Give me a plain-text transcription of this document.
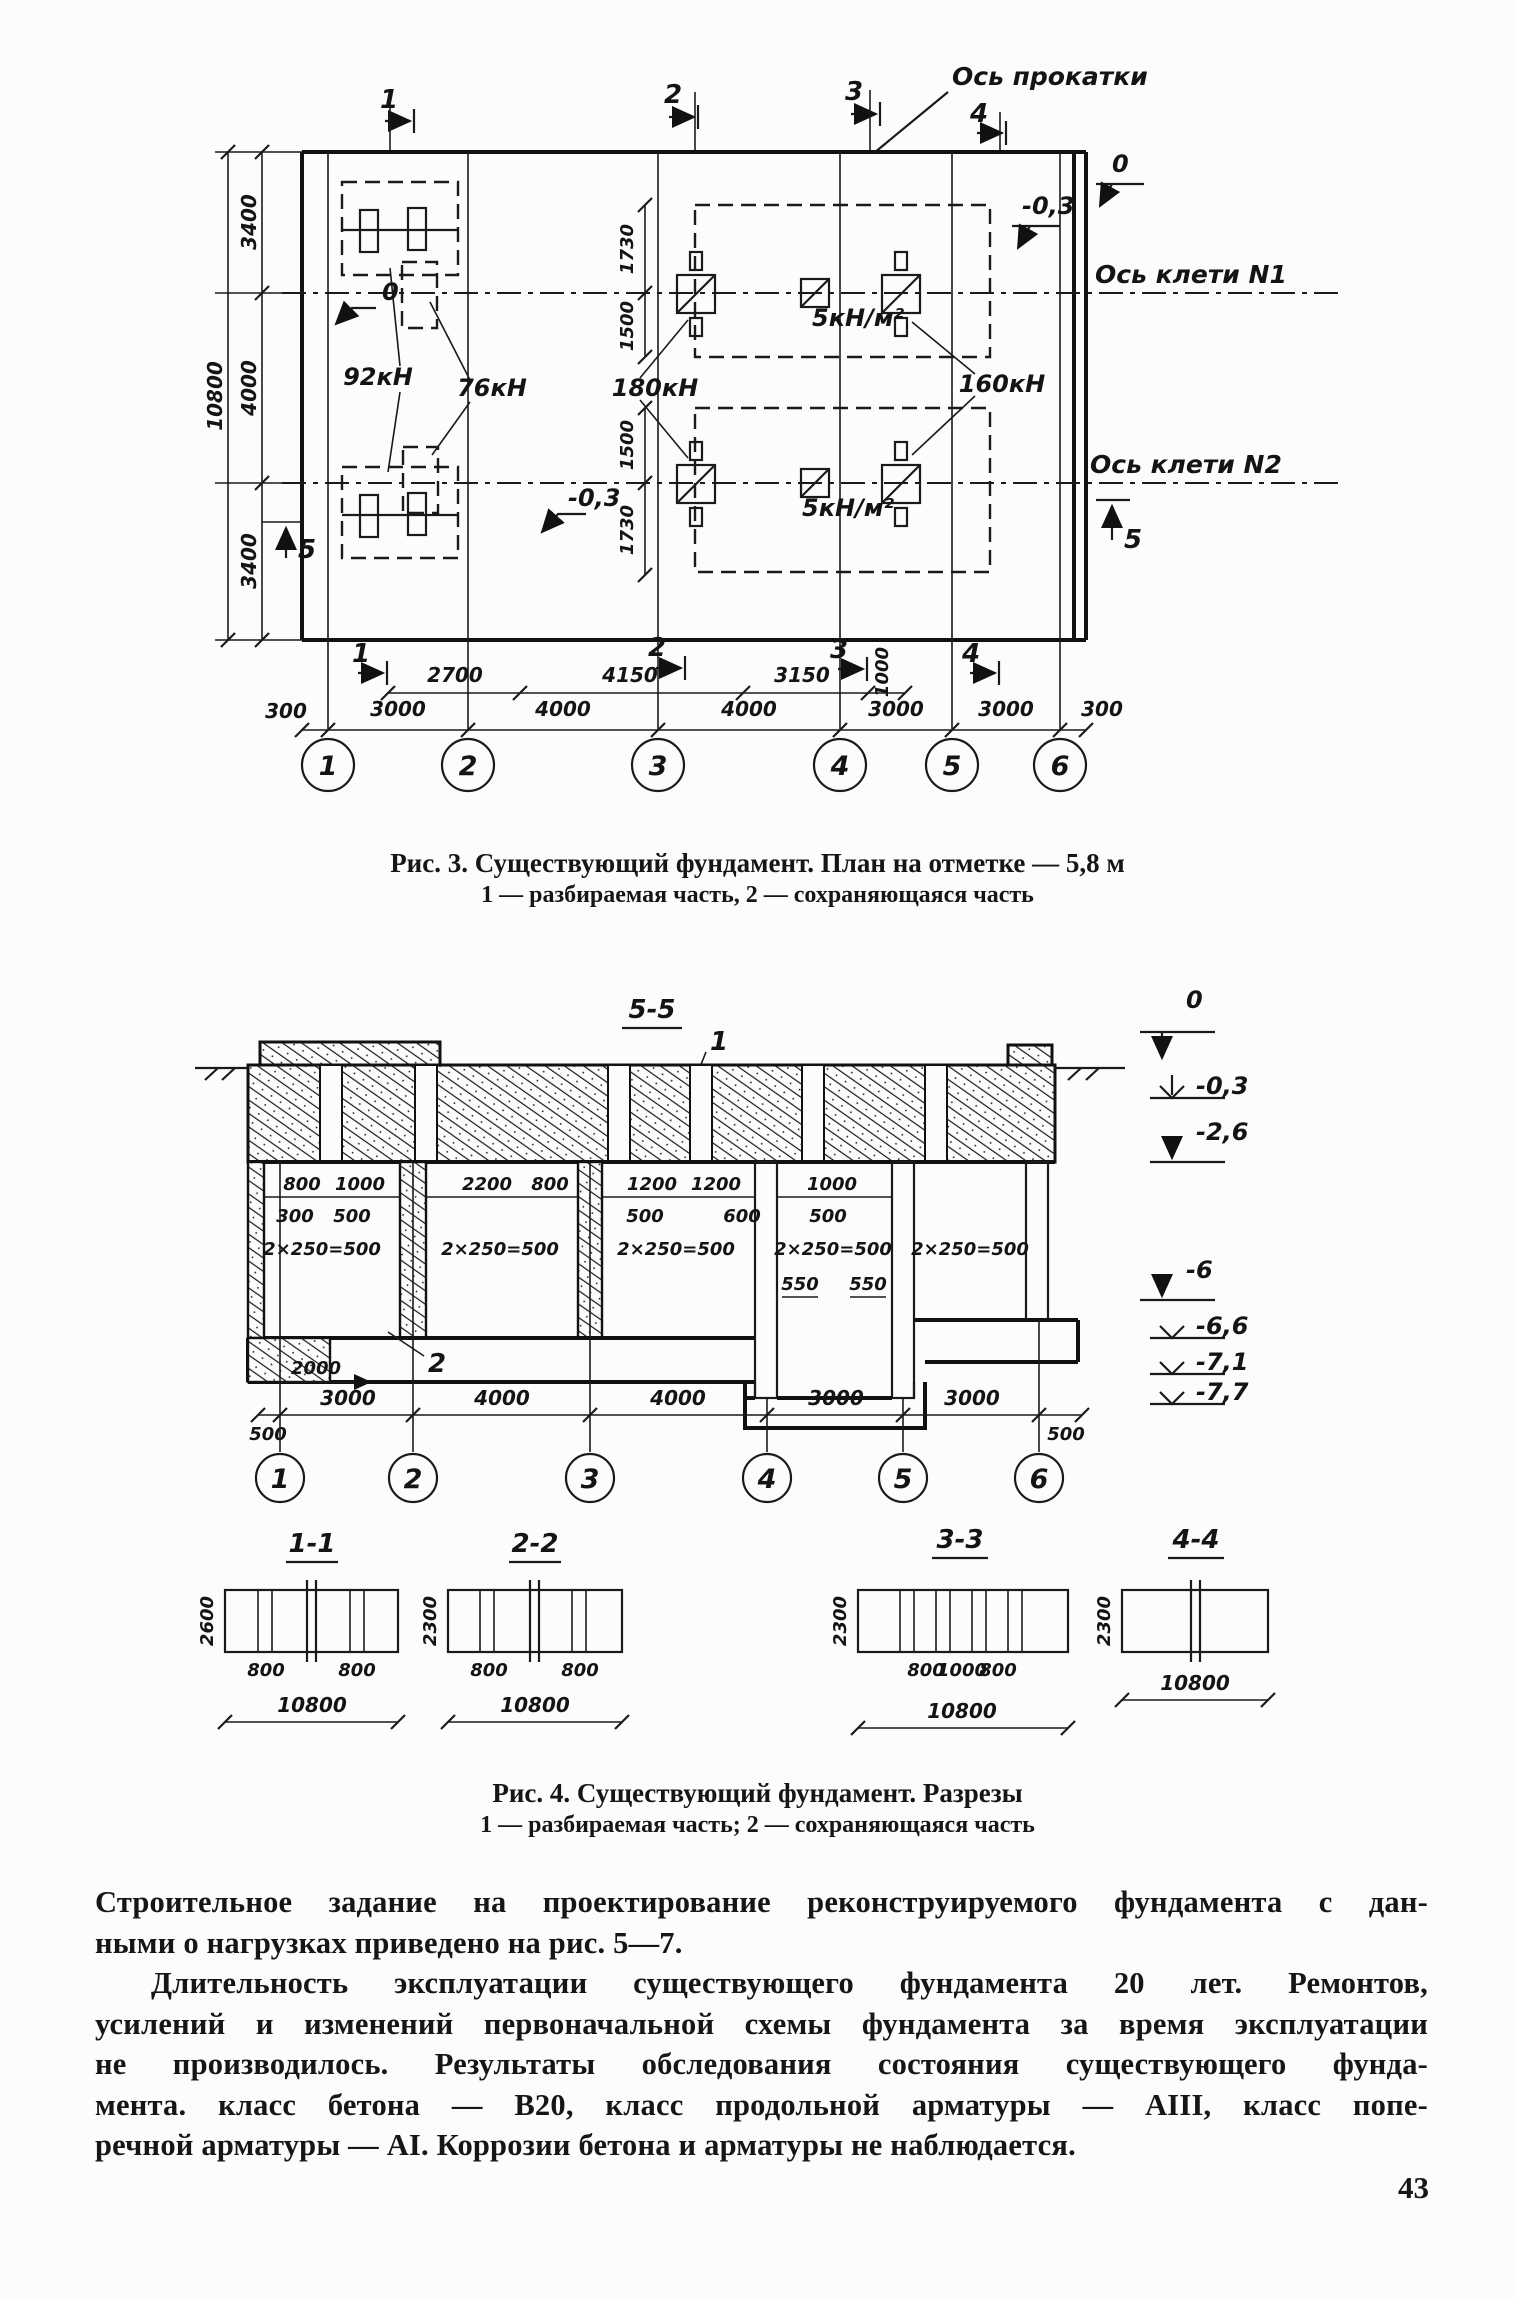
1	2	3
4
Ось прокатки
Ось клети N1
Ось клети N2
3400
4000
3400
10800
1730
1500
1500
1730
92кН 76кН	180кН	160кН
5кН/м²
5кН/м²
0
-0,3
0
-0,3
5	5
2700	4150	3150 1000
1	2	3	4
300	3000	4000	4000	3000	3000 300
1	2	3	4	5	6
5-5
1
800 1000	2200 800	1200 1200	1000
300 500	500	600	500
2×250=500	2×250=500	2×250=500 2×250=500 2×250=500
550 550
0
-0,3
-2,6
-6
-6,6
-7,1
-7,7
2
2000
500
3000	4000	4000	3000	3000
500
1	2	3	4	5	6
1-1
2600
800	800
10800
2-2
2300
800	800
10800
3-3
2300
800
1000
800
10800
4-4
2300
10800
Рис. 3. Существующий фундамент. План на отметке — 5,8 м
1 — разбираемая часть, 2 — сохраняющаяся часть
Рис. 4. Существующий фундамент. Разрезы
1 — разбираемая часть; 2 — сохраняющаяся часть
Строительное задание на проектирование реконструируемого фундамента с дан-
ными о нагрузках приведено на рис. 5—7.
Длительность эксплуатации существующего фундамента 20 лет. Ремонтов,
усилений и изменений первоначальной схемы фундамента за время эксплуатации
не производилось. Результаты обследования состояния существующего фунда-
мента. класс бетона — В20, класс продольной арматуры — АIII, класс попе-
речной арматуры — АI. Коррозии бетона и арматуры не наблюдается.
43
